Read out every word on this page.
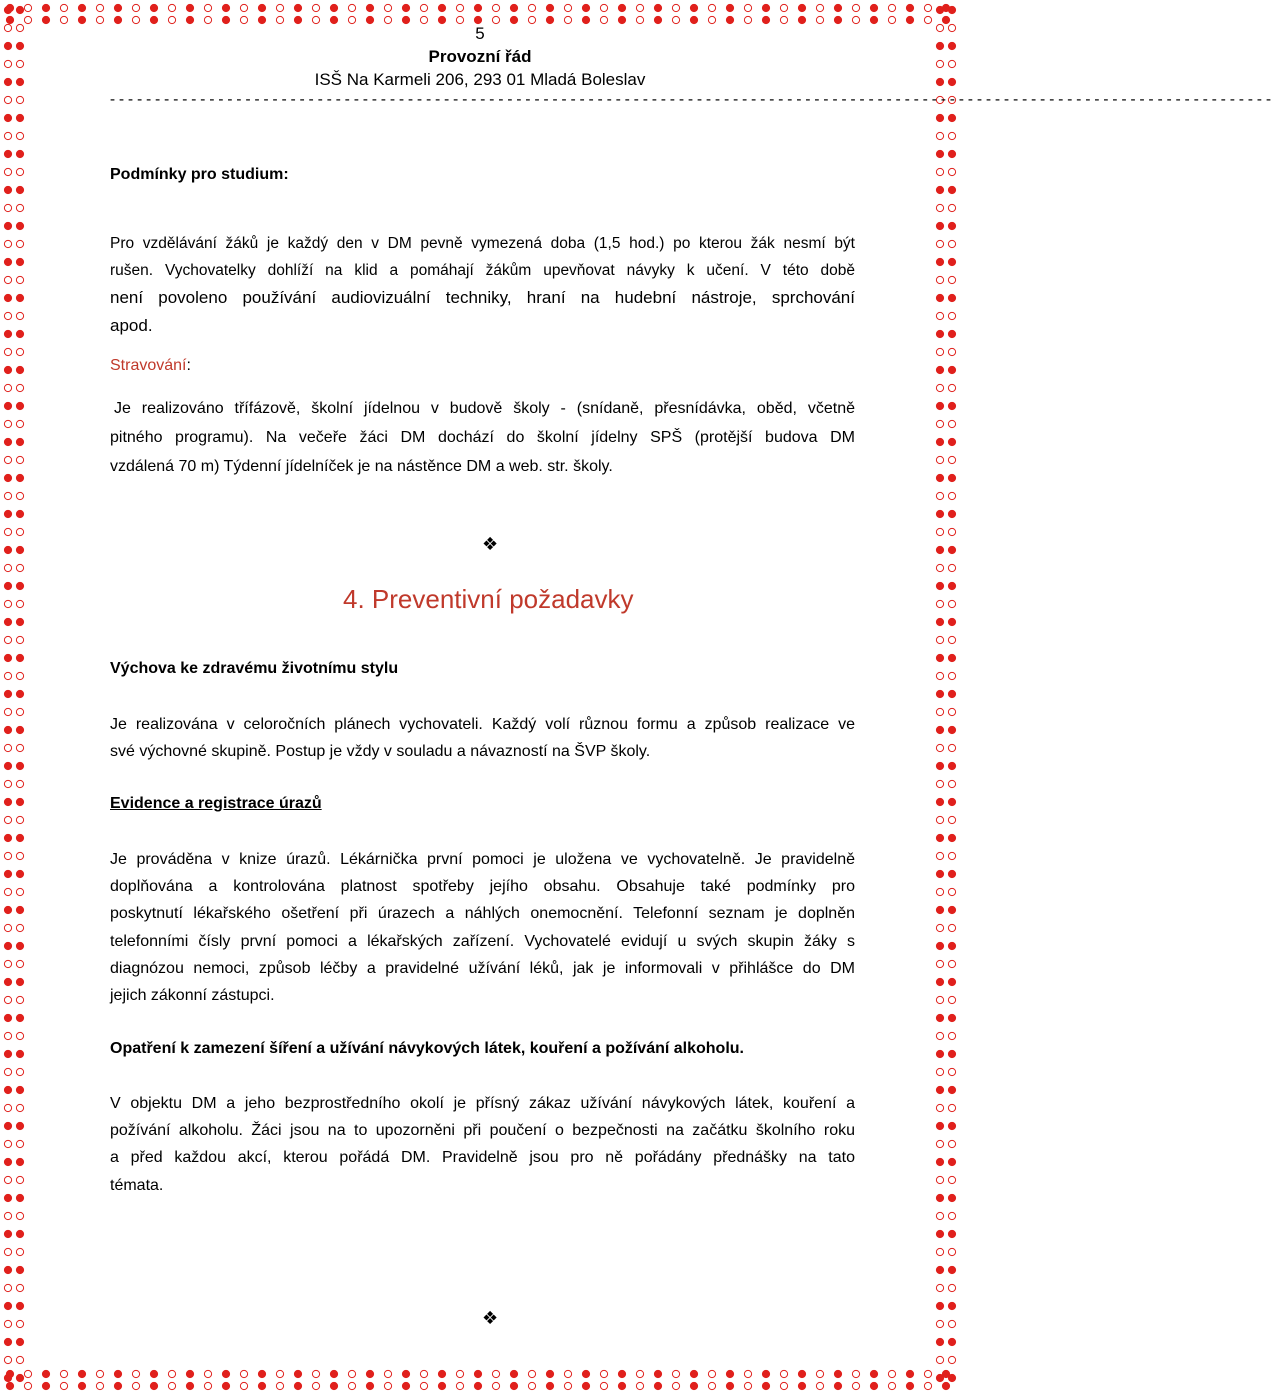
5
Provozní řád
ISŠ Na Karmeli 206, 293 01 Mladá Boleslav
---------------------------------------------------------------------------------------------------------------------------------
Podmínky pro studium:
Pro vzdělávání žáků je každý den v DM pevně vymezená doba (1,5 hod.) po kterou žák nesmí být
rušen. Vychovatelky dohlíží na klid a pomáhají žákům upevňovat návyky k učení. V této době
není povoleno používání audiovizuální techniky, hraní na hudební nástroje, sprchování
apod.
Stravování:
Je realizováno třífázově, školní jídelnou v budově školy - (snídaně, přesnídávka, oběd, včetně
pitného programu). Na večeře žáci DM dochází do školní jídelny SPŠ (protější budova DM
vzdálená 70 m) Týdenní jídelníček je na nástěnce DM a web. str. školy.
❖
4. Preventivní požadavky
Výchova ke zdravému životnímu stylu
Je realizována v celoročních plánech vychovateli. Každý volí různou formu a způsob realizace ve
své výchovné skupině. Postup je vždy v souladu a návazností na ŠVP školy.
Evidence a registrace úrazů
Je prováděna v knize úrazů. Lékárnička první pomoci je uložena ve vychovatelně. Je pravidelně
doplňována a kontrolována platnost spotřeby jejího obsahu. Obsahuje také podmínky pro
poskytnutí lékařského ošetření při úrazech a náhlých onemocnění. Telefonní seznam je doplněn
telefonními čísly první pomoci a lékařských zařízení. Vychovatelé evidují u svých skupin žáky s
diagnózou nemoci, způsob léčby a pravidelné užívání léků, jak je informovali v přihlášce do DM
jejich zákonní zástupci.
Opatření k zamezení šíření a užívání návykových látek, kouření a požívání alkoholu.
V objektu DM a jeho bezprostředního okolí je přísný zákaz užívání návykových látek, kouření a
požívání alkoholu. Žáci jsou na to upozorněni při poučení o bezpečnosti na začátku školního roku
a před každou akcí, kterou pořádá DM. Pravidelně jsou pro ně pořádány přednášky na tato
témata.
❖
